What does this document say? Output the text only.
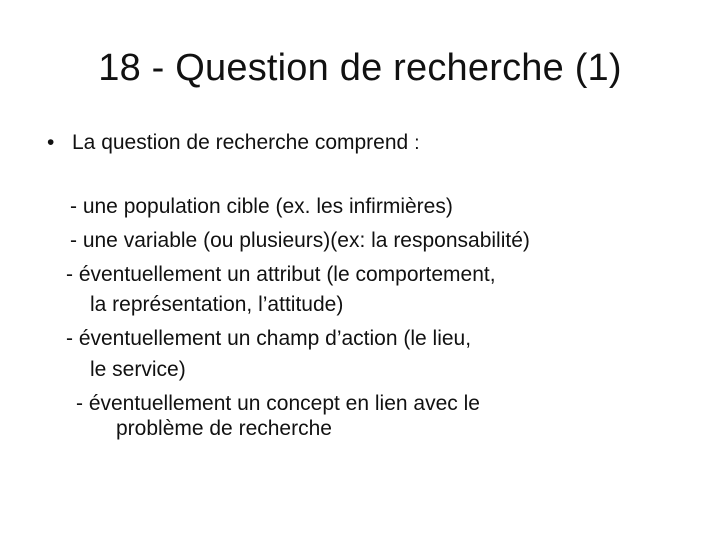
18 - Question de recherche (1)
• La question de recherche comprend :
- une population cible (ex. les infirmières)
- une variable (ou plusieurs)(ex: la responsabilité)
- éventuellement un attribut (le comportement,
la représentation, l’attitude)
- éventuellement un champ d’action (le lieu,
le service)
- éventuellement un concept en lien avec le
problème de recherche
